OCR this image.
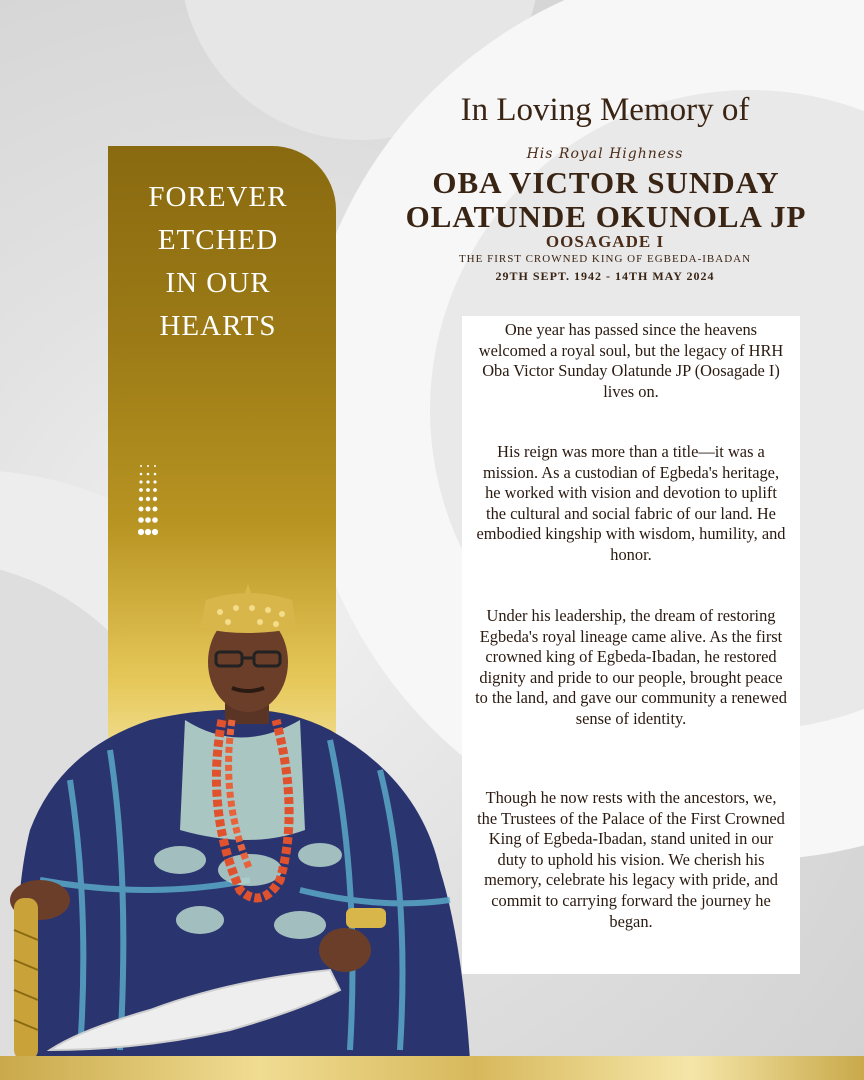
FOREVER
ETCHED
IN OUR
HEARTS
In Loving Memory of
His Royal Highness
OBA VICTOR SUNDAY
OLATUNDE OKUNOLA JP
OOSAGADE I
THE FIRST CROWNED KING OF EGBEDA-IBADAN
29TH SEPT. 1942 - 14TH MAY 2024

One year has passed since the heavens welcomed a royal soul, but the legacy of HRH Oba Victor Sunday Olatunde JP (Oosagade I) lives on.

His reign was more than a title—it was a mission. As a custodian of Egbeda's heritage, he worked with vision and devotion to uplift the cultural and social fabric of our land. He embodied kingship with wisdom, humility, and honor.

Under his leadership, the dream of restoring Egbeda's royal lineage came alive. As the first crowned king of Egbeda-Ibadan, he restored dignity and pride to our people, brought peace to the land, and gave our community a renewed sense of identity.

Though he now rests with the ancestors, we, the Trustees of the Palace of the First Crowned King of Egbeda-Ibadan, stand united in our duty to uphold his vision. We cherish his memory, celebrate his legacy with pride, and commit to carrying forward the journey he began.
